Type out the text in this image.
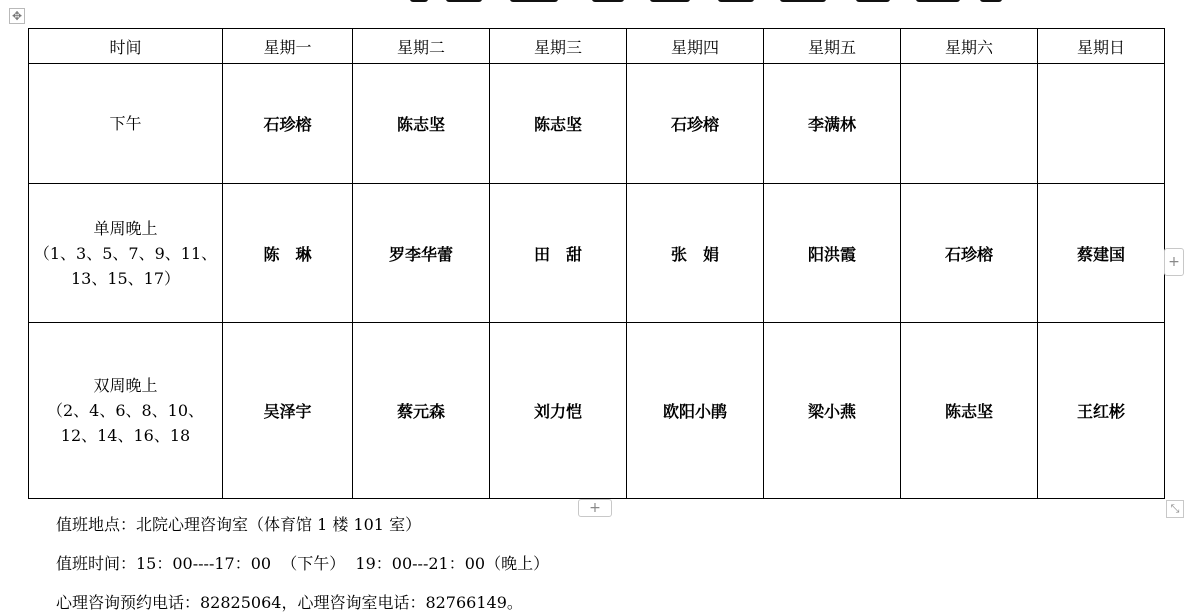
✥
时间	星期一	星期二	星期三	星期四	星期五	星期六	星期日

下午	石珍榕	陈志坚	陈志坚	石珍榕	李满林		

单周晚上
（1、3、5、7、9、11、
13、15、17）	陈　琳	罗李华蕾	田　甜	张　娟	阳洪霞	石珍榕	蔡建国

双周晚上
（2、4、6、8、10、
12、14、16、18	吴泽宇	蔡元森	刘力恺	欧阳小鹃	梁小燕	陈志坚	王红彬
+
+	⤡
值班地点：北院心理咨询室（体育馆 1 楼 101 室）
值班时间：15：00----17：00  （下午）  19：00---21：00（晚上）
心理咨询预约电话：82825064，心理咨询室电话：82766149。
